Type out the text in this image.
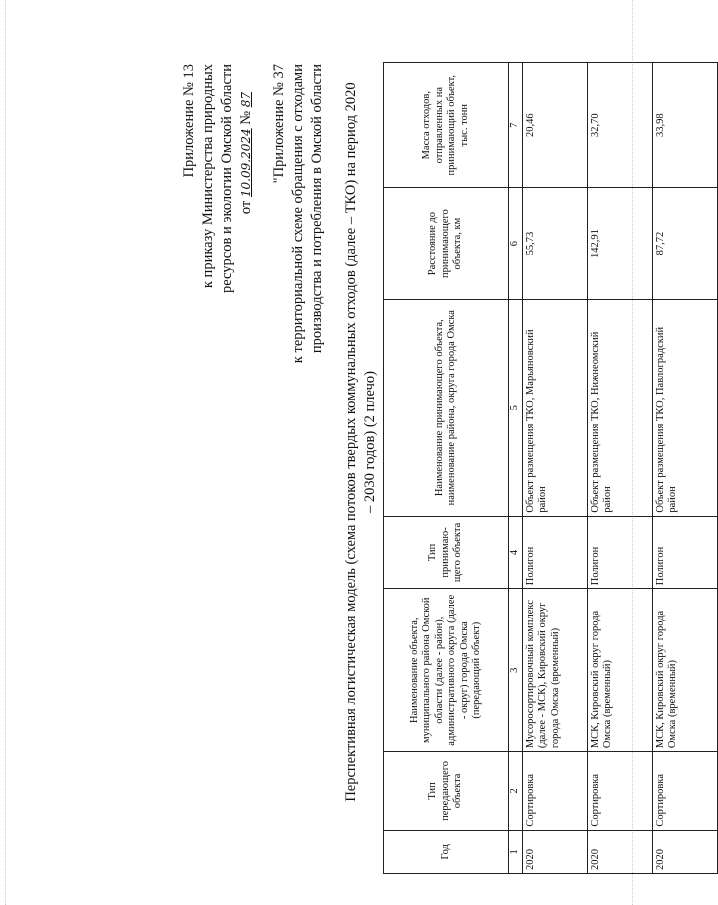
Приложение № 13 к приказу Министерства природных ресурсов и экологии Омской области от 10.09.2024 № 87 "Приложение № 37 к территориальной схеме обращения с отходами производства и потребления в Омской области Перспективная логистическая модель (схема потоков твердых коммунальных отходов (далее – ТКО) на период 2020 – 2030 годов) (2 плечо)
Год	Тип передающего объекта	Наименование объекта, муниципального района Омской области (далее - район), административного округа (далее - округ) города Омска (передающий объект)	Тип принимаю-щего объекта	Наименование принимающего объекта, наименование района, округа города Омска	Расстояние до принимающего объекта, км	Масса отходов, отправленных на принимающий объект, тыс. тонн
1	2	3	4	5	6	7
2020	Сортировка	Мусоросортировочный комплекс (далее - МСК), Кировский округ города Омска (временный)	Полигон	Объект размещения ТКО, Марьяновский район	55,73	20,46
2020	Сортировка	МСК, Кировский округ города Омска (временный)	Полигон	Объект размещения ТКО, Нижнеомский район	142,91	32,70
2020	Сортировка	МСК, Кировский округ города Омска (временный)	Полигон	Объект размещения ТКО, Павлоградский район	87,72	33,98
